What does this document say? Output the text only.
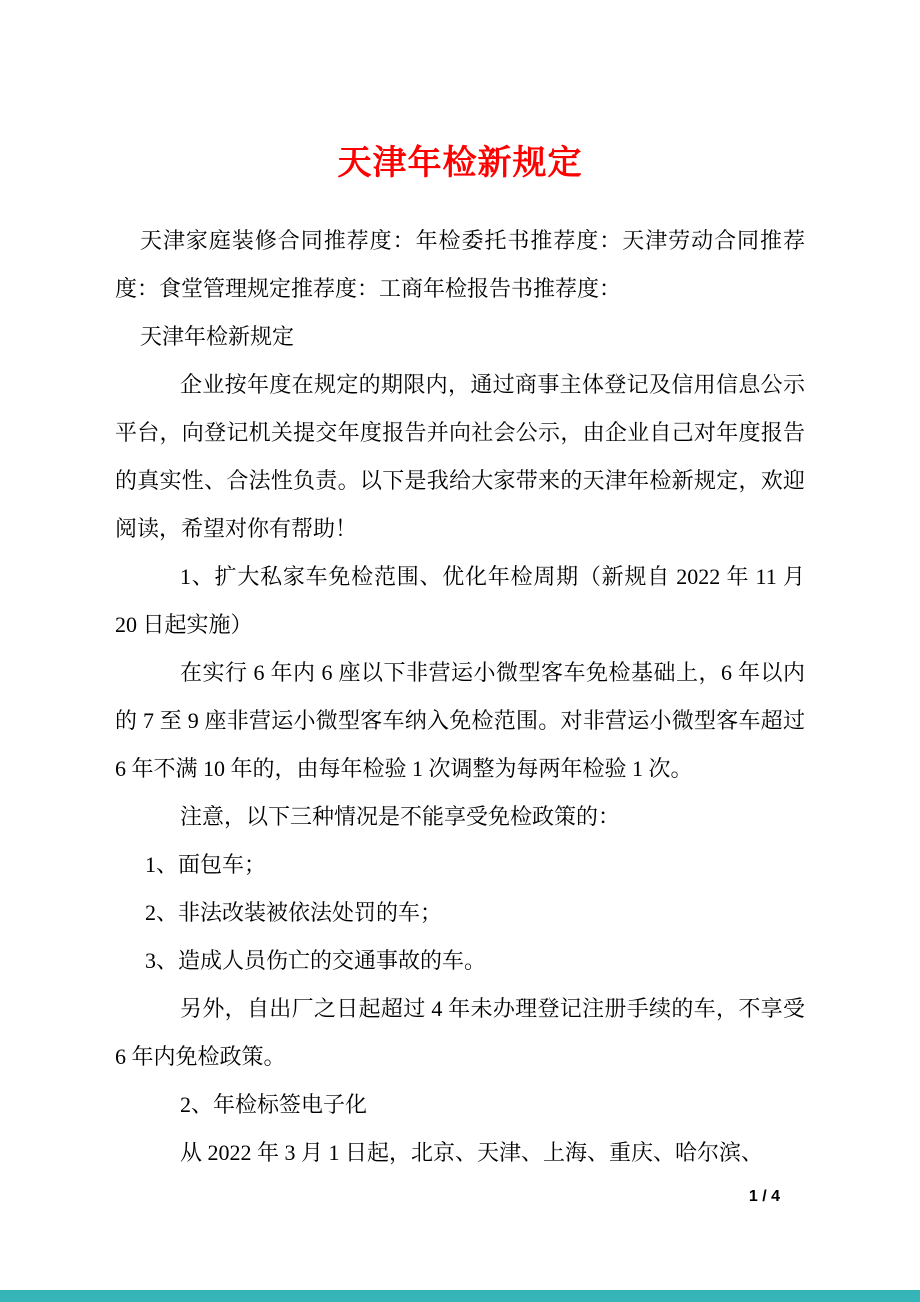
天津年检新规定

天津家庭装修合同推荐度：年检委托书推荐度：天津劳动合同推荐度：食堂管理规定推荐度：工商年检报告书推荐度：

天津年检新规定

企业按年度在规定的期限内，通过商事主体登记及信用信息公示平台，向登记机关提交年度报告并向社会公示，由企业自己对年度报告的真实性、合法性负责。以下是我给大家带来的天津年检新规定，欢迎阅读，希望对你有帮助！

1、扩大私家车免检范围、优化年检周期（新规自 2022 年 11 月 20 日起实施）

在实行 6 年内 6 座以下非营运小微型客车免检基础上，6 年以内的 7 至 9 座非营运小微型客车纳入免检范围。对非营运小微型客车超过 6 年不满 10 年的，由每年检验 1 次调整为每两年检验 1 次。

注意，以下三种情况是不能享受免检政策的：

1、面包车；

2、非法改装被依法处罚的车；

3、造成人员伤亡的交通事故的车。

另外，自出厂之日起超过 4 年未办理登记注册手续的车，不享受 6 年内免检政策。

2、年检标签电子化

从 2022 年 3 月 1 日起，北京、天津、上海、重庆、哈尔滨、

1 / 4
